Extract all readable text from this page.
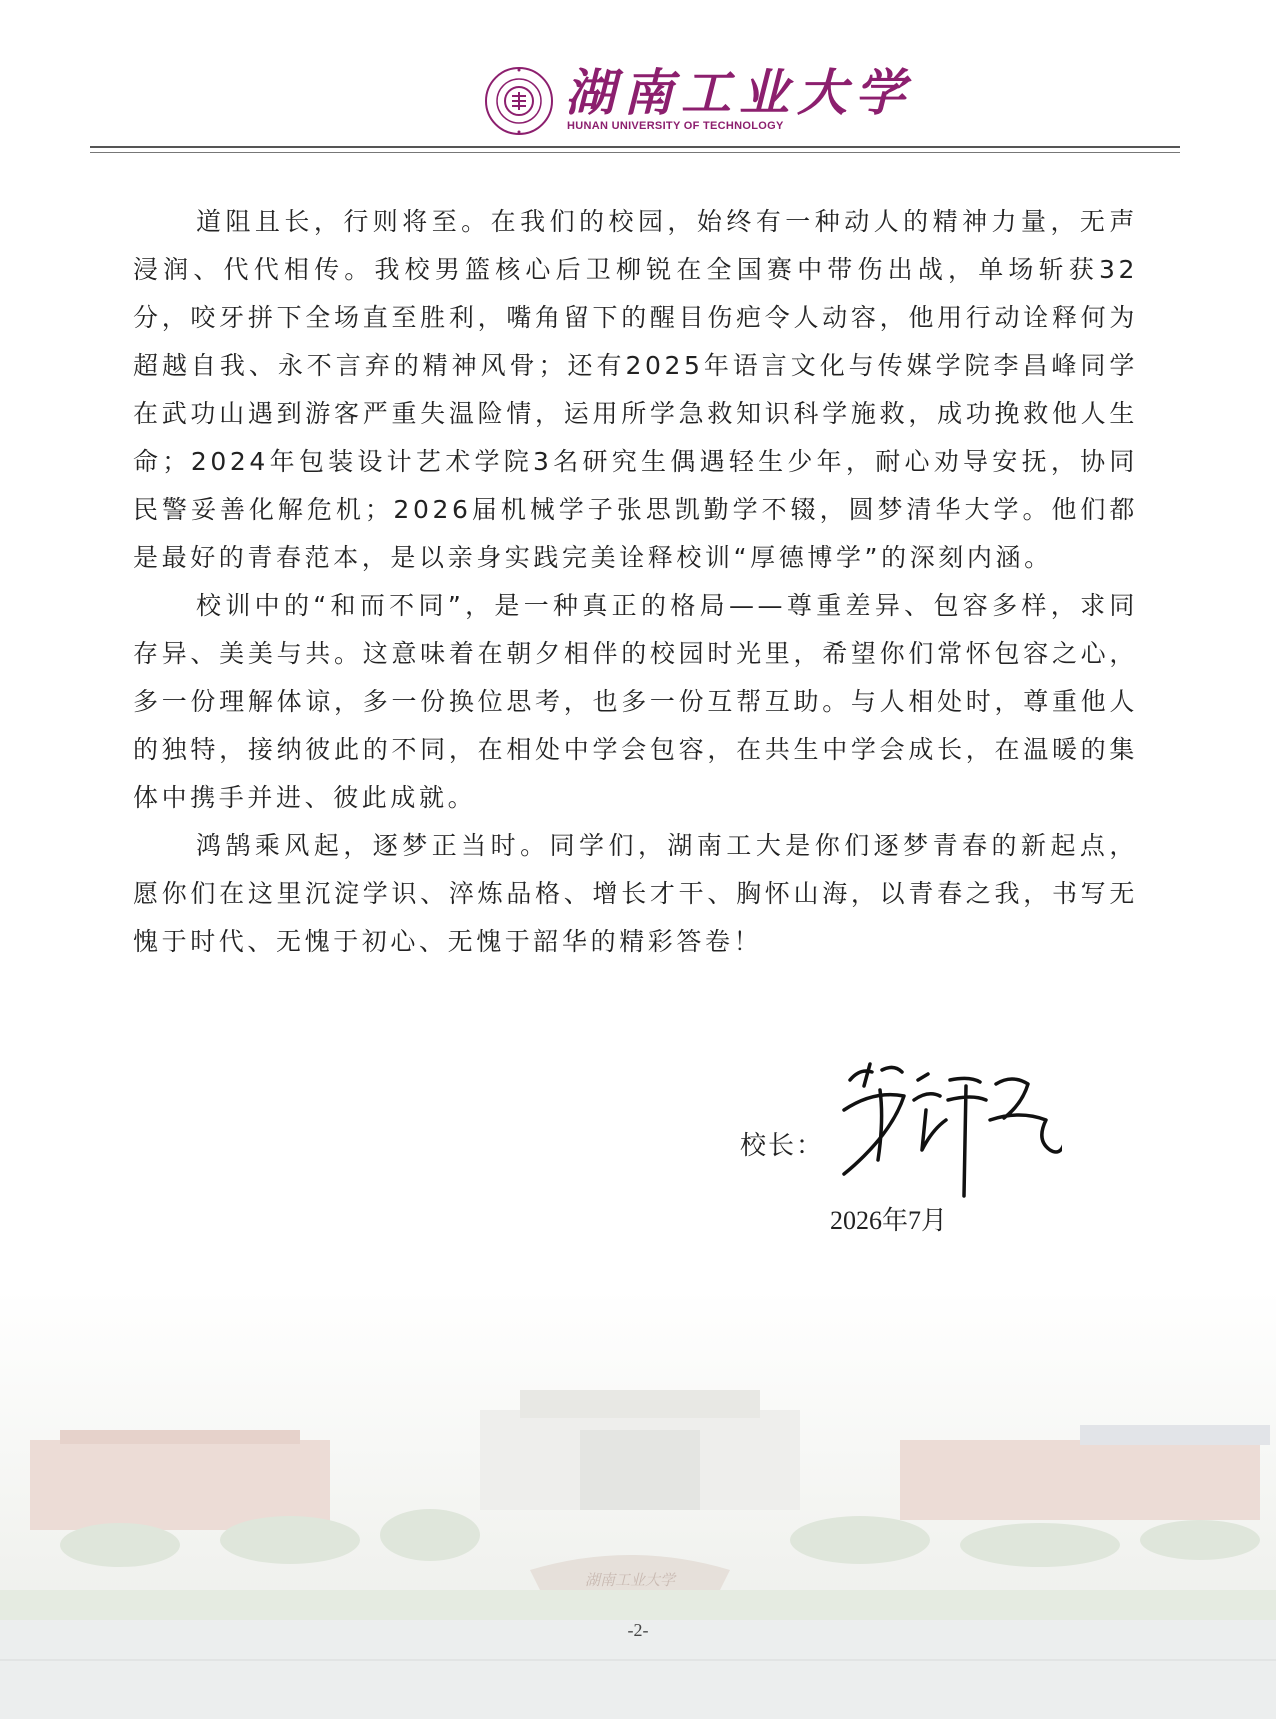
湖南工业大学
HUNAN UNIVERSITY OF TECHNOLOGY

道阻且长，行则将至。在我们的校园，始终有一种动人的精神力量，无声浸润、代代相传。我校男篮核心后卫柳锐在全国赛中带伤出战，单场斩获32分，咬牙拼下全场直至胜利，嘴角留下的醒目伤疤令人动容，他用行动诠释何为超越自我、永不言弃的精神风骨；还有2025年语言文化与传媒学院李昌峰同学在武功山遇到游客严重失温险情，运用所学急救知识科学施救，成功挽救他人生命；2024年包装设计艺术学院3名研究生偶遇轻生少年，耐心劝导安抚，协同民警妥善化解危机；2026届机械学子张思凯勤学不辍，圆梦清华大学。他们都是最好的青春范本，是以亲身实践完美诠释校训“厚德博学”的深刻内涵。

校训中的“和而不同”，是一种真正的格局——尊重差异、包容多样，求同存异、美美与共。这意味着在朝夕相伴的校园时光里，希望你们常怀包容之心，多一份理解体谅，多一份换位思考，也多一份互帮互助。与人相处时，尊重他人的独特，接纳彼此的不同，在相处中学会包容，在共生中学会成长，在温暖的集体中携手并进、彼此成就。

鸿鹄乘风起，逐梦正当时。同学们，湖南工大是你们逐梦青春的新起点，愿你们在这里沉淀学识、淬炼品格、增长才干、胸怀山海，以青春之我，书写无愧于时代、无愧于初心、无愧于韶华的精彩答卷！

校长：
2026年7月
湖南工业大学
-2-
